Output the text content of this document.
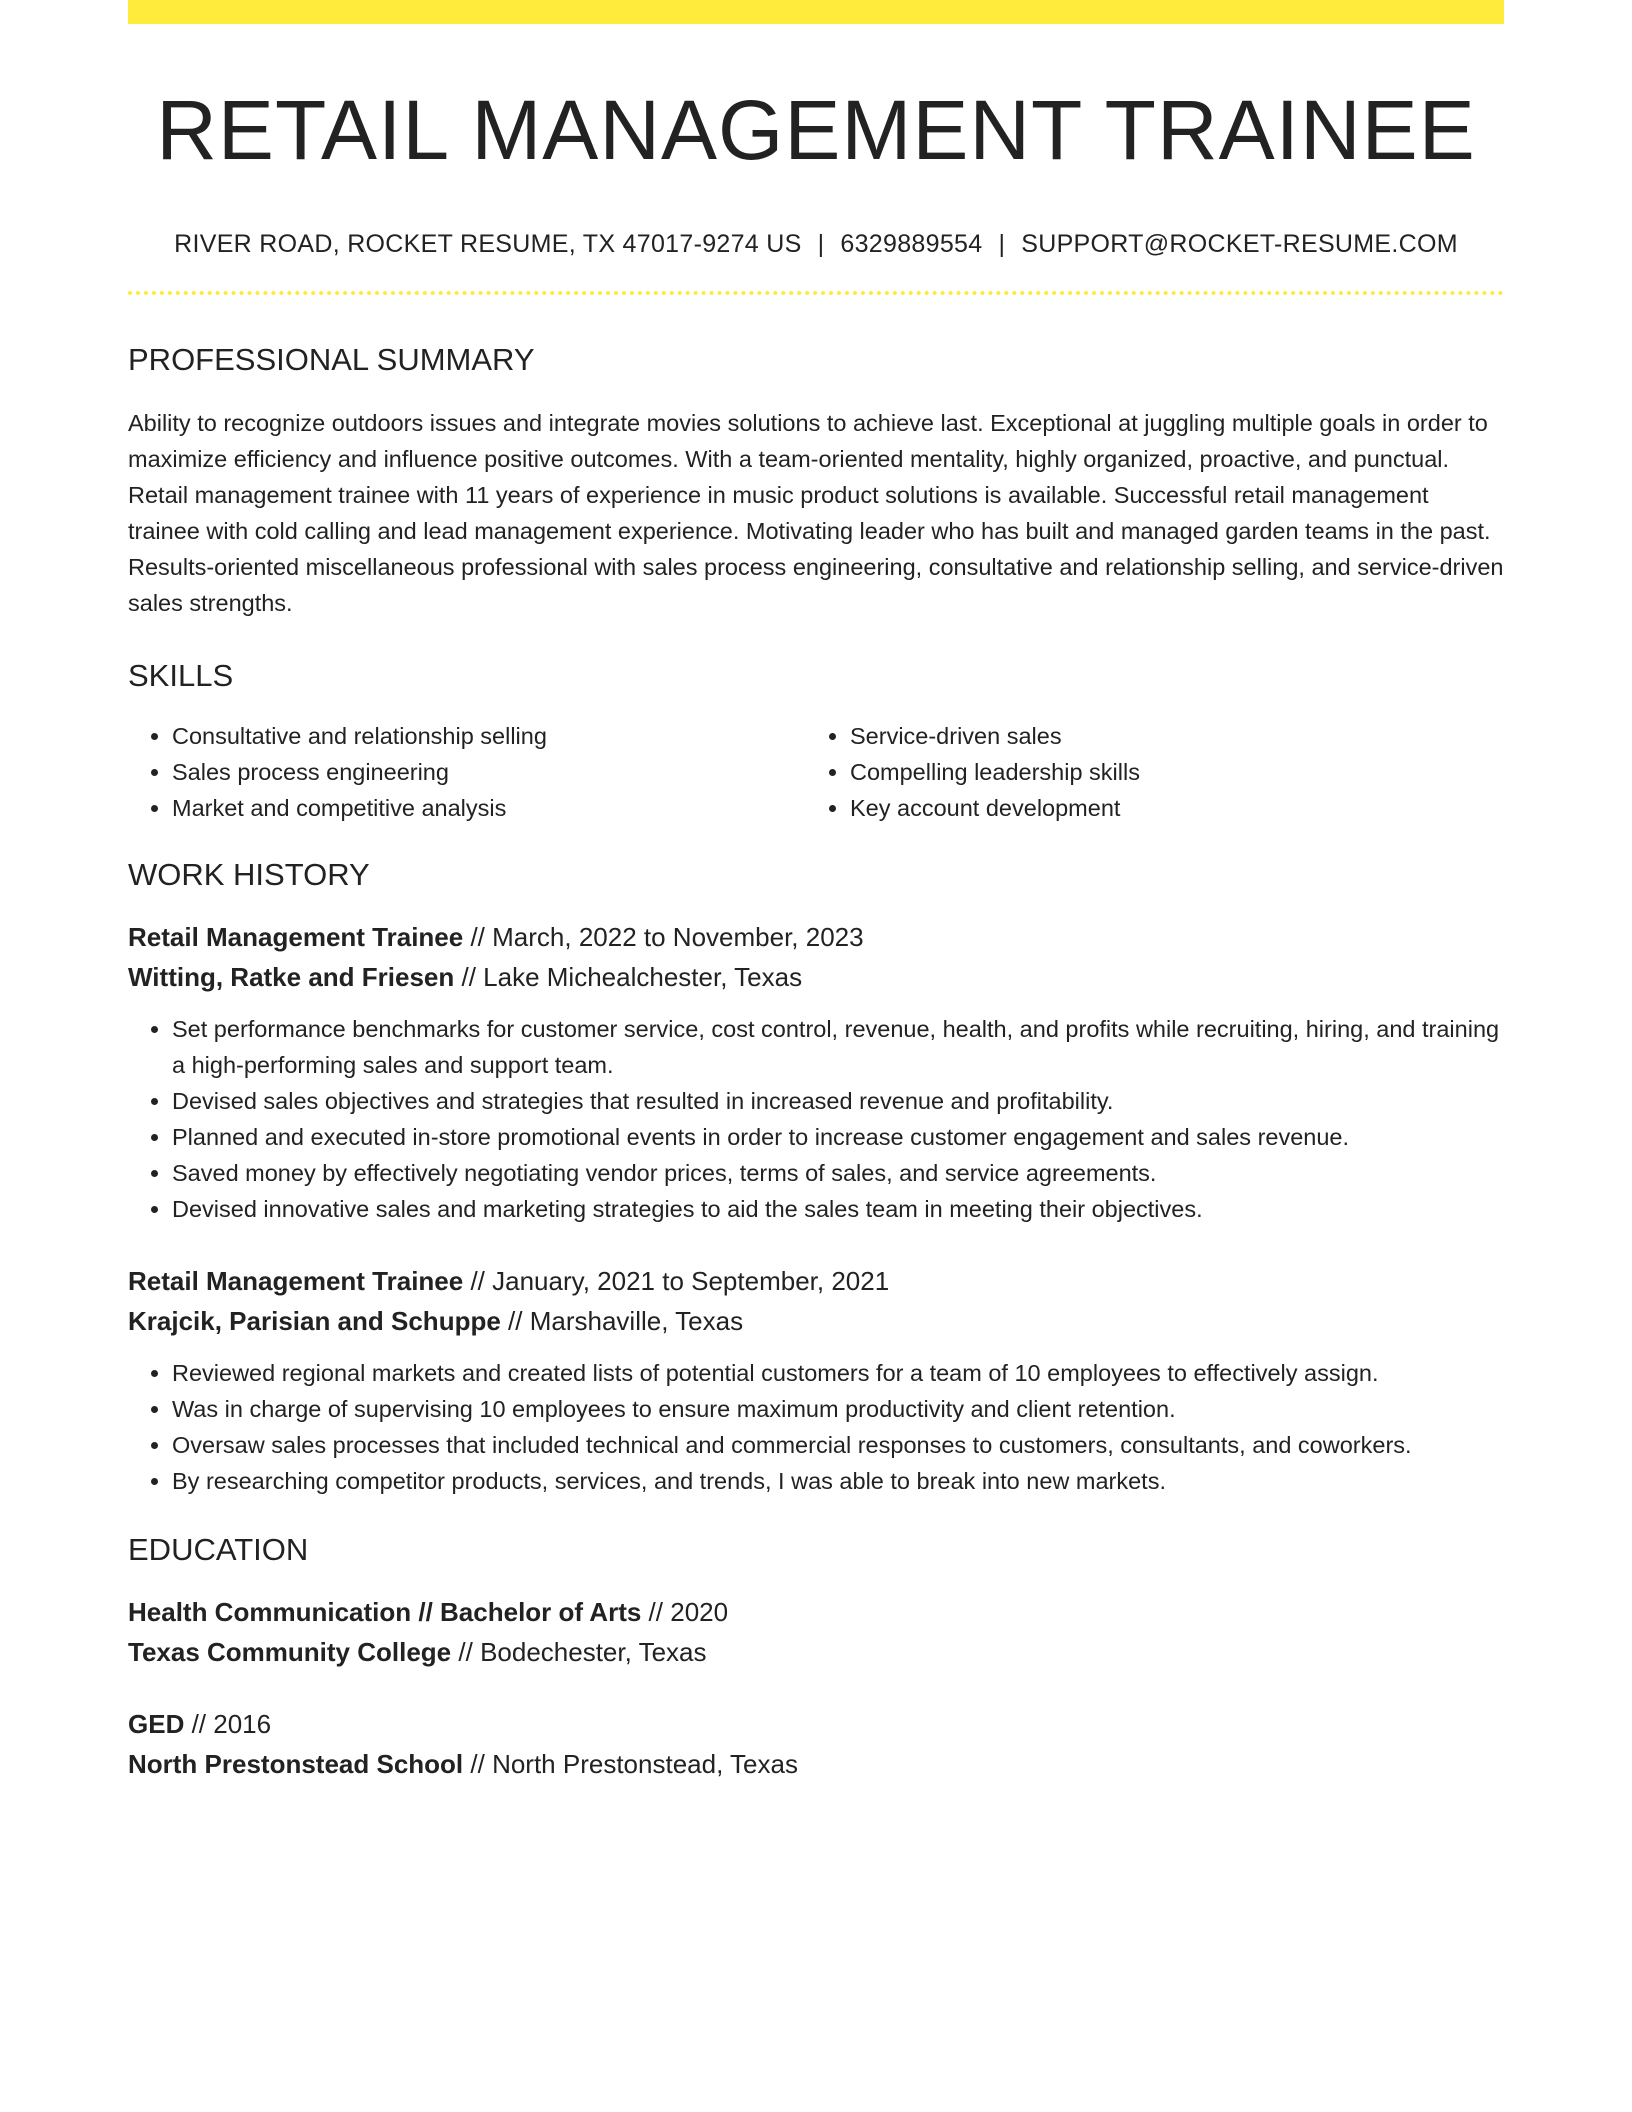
RETAIL MANAGEMENT TRAINEE
RIVER ROAD, ROCKET RESUME, TX 47017-9274 US | 6329889554 | SUPPORT@ROCKET-RESUME.COM
PROFESSIONAL SUMMARY

Ability to recognize outdoors issues and integrate movies solutions to achieve last. Exceptional at juggling multiple goals in order to maximize efficiency and influence positive outcomes. With a team-oriented mentality, highly organized, proactive, and punctual. Retail management trainee with 11 years of experience in music product solutions is available. Successful retail management trainee with cold calling and lead management experience. Motivating leader who has built and managed garden teams in the past. Results-oriented miscellaneous professional with sales process engineering, consultative and relationship selling, and service-driven sales strengths.

SKILLS
• Consultative and relationship selling
• Sales process engineering
• Market and competitive analysis
• Service-driven sales
• Compelling leadership skills
• Key account development
WORK HISTORY
Retail Management Trainee // March, 2022 to November, 2023
Witting, Ratke and Friesen // Lake Michealchester, Texas
• Set performance benchmarks for customer service, cost control, revenue, health, and profits while recruiting, hiring, and training a high-performing sales and support team.
• Devised sales objectives and strategies that resulted in increased revenue and profitability.
• Planned and executed in-store promotional events in order to increase customer engagement and sales revenue.
• Saved money by effectively negotiating vendor prices, terms of sales, and service agreements.
• Devised innovative sales and marketing strategies to aid the sales team in meeting their objectives.
Retail Management Trainee // January, 2021 to September, 2021
Krajcik, Parisian and Schuppe // Marshaville, Texas
• Reviewed regional markets and created lists of potential customers for a team of 10 employees to effectively assign.
• Was in charge of supervising 10 employees to ensure maximum productivity and client retention.
• Oversaw sales processes that included technical and commercial responses to customers, consultants, and coworkers.
• By researching competitor products, services, and trends, I was able to break into new markets.
EDUCATION
Health Communication // Bachelor of Arts // 2020
Texas Community College // Bodechester, Texas
GED // 2016
North Prestonstead School // North Prestonstead, Texas
